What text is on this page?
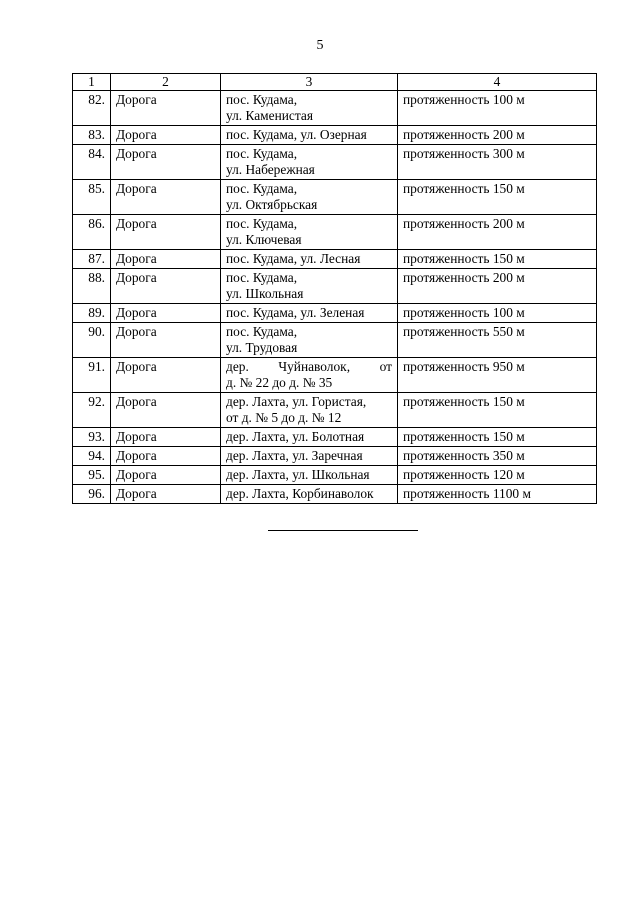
5
1	2	3	4
82.	Дорога	пос. Кудама,
ул. Каменистая	протяженность 100 м
83.	Дорога	пос. Кудама, ул. Озерная	протяженность 200 м
84.	Дорога	пос. Кудама,
ул. Набережная	протяженность 300 м
85.	Дорога	пос. Кудама,
ул. Октябрьская	протяженность 150 м
86.	Дорога	пос. Кудама,
ул. Ключевая	протяженность 200 м
87.	Дорога	пос. Кудама, ул. Лесная	протяженность 150 м
88.	Дорога	пос. Кудама,
ул. Школьная	протяженность 200 м
89.	Дорога	пос. Кудама, ул. Зеленая	протяженность 100 м
90.	Дорога	пос. Кудама,
ул. Трудовая	протяженность 550 м
91.	Дорога	дер. Чуйнаволок, от
д. № 22 до д. № 35	протяженность 950 м
92.	Дорога	дер. Лахта, ул. Гористая,
от д. № 5 до д. № 12	протяженность 150 м
93.	Дорога	дер. Лахта, ул. Болотная	протяженность 150 м
94.	Дорога	дер. Лахта, ул. Заречная	протяженность 350 м
95.	Дорога	дер. Лахта, ул. Школьная	протяженность 120 м
96.	Дорога	дер. Лахта, Корбинаволок	протяженность 1100 м
